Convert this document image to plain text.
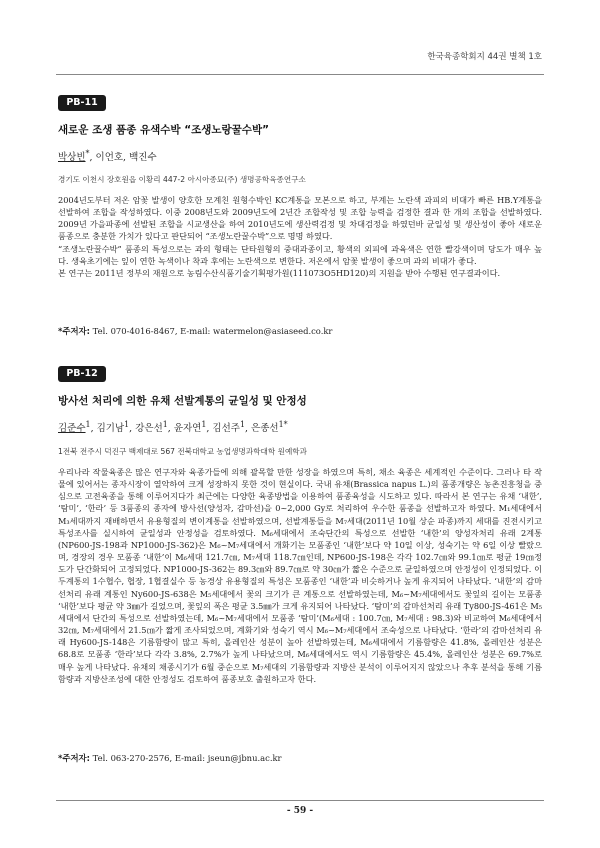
한국육종학회지 44권 별책 1호
PB-11
새로운 조생 품종 유색수박 “조생노랑꿀수박”
박상빈*, 이언호, 백진수
경기도 이천시 장호원읍 이황리 447-2 아시아종묘(주) 생명공학육종연구소

2004년도부터 저온 암꽃 발생이 양호한 모계친 원형수박인 KC계통을 모본으로 하고, 부계는 노란색 과피의 비대가 빠른 HB.Y계통을 선발하여 조합을 작성하였다. 이중 2008년도와 2009년도에 2년간 조합작성 및 조합 능력을 검정한 결과 한 개의 조합을 선발하였다. 2009년 가을파종에 선발된 조합을 시교생산을 하여 2010년도에 생산력검정 및 차대검정을 하였던바 균일성 및 생산성이 좋아 새로운 품종으로 충분한 가치가 있다고 판단되어 “조생노란꿀수박”으로 명명 하였다.

“조생노란꿀수박” 품종의 특성으로는 과의 형태는 단타원형의 중대과종이고, 황색의 외피에 과육색은 연한 빨강색이며 당도가 매우 높다. 생육초기에는 잎이 연한 녹색이나 착과 후에는 노란색으로 변한다. 저온에서 암꽃 발생이 좋으며 과의 비대가 좋다.

본 연구는 2011년 정부의 재원으로 농림수산식품기술기획평가원(111073O5HD120)의 지원을 받아 수행된 연구결과이다.

*주저자: Tel. 070-4016-8467, E-mail: watermelon@asiaseed.co.kr
PB-12
방사선 처리에 의한 유채 선발계통의 균일성 및 안정성
김준수$^1$, 김기남$^1$, 강은선$^1$, 윤자연$^1$, 김선주$^1$, 은종선$^{1*}$
1전북 전주시 덕진구 백제대로 567 전북대학교 농업생명과학대학 원예학과

우리나라 작물육종은 많은 연구자와 육종가들에 의해 괄목할 만한 성장을 하였으며 특히, 채소 육종은 세계적인 수준이다. 그러나 타 작물에 있어서는 종자시장이 열악하여 크게 성장하지 못한 것이 현실이다. 국내 유채(Brassica napus L.)의 품종개량은 농촌진흥청을 중심으로 고전육종을 통해 이루어지다가 최근에는 다양한 육종방법을 이용하여 품종육성을 시도하고 있다. 따라서 본 연구는 유채 ‘내한’, ‘탐미’, ‘한라’ 등 3품종의 종자에 방사선(양성자, 감마선)을 0~2,000 Gy로 처리하여 우수한 품종을 선발하고자 하였다. M₁세대에서 M₃세대까지 재배하면서 유용형질의 변이계통을 선발하였으며, 선발계통들을 M₇세대(2011년 10월 상순 파종)까지 세대를 진전시키고 특성조사를 실시하여 균일성과 안정성을 검토하였다. M₆세대에서 조숙단간의 특성으로 선발한 ‘내한’의 양성자처리 유래 2계통(NP600-JS-198과 NP1000-JS-362)은 M₆~M₇세대에서 개화기는 모품종인 ‘내한’보다 약 10일 이상, 성숙기는 약 6일 이상 빨랐으며, 경장의 경우 모품종 ‘내한’이 M₆세대 121.7㎝, M₇세대 118.7㎝인데, NP600-JS-198은 각각 102.7㎝와 99.1㎝로 평균 19㎝정도가 단간화되어 고정되었다. NP1000-JS-362는 89.3㎝와 89.7㎝로 약 30㎝가 짧은 수준으로 균일하였으며 안정성이 인정되었다. 이 두계통의 1수협수, 협장, 1협결실수 등 농경상 유용형질의 특성은 모품종인 ‘내한’과 비슷하거나 높게 유지되어 나타났다. ‘내한’의 감마선처리 유래 계통인 Ny600-JS-638은 M₅세대에서 꽃의 크기가 큰 계통으로 선발하였는데, M₆~M₇세대에서도 꽃잎의 길이는 모품종 ‘내한’보다 평균 약 3㎜가 길었으며, 꽃잎의 폭은 평균 3.5㎜가 크게 유지되어 나타났다. ‘탐미’의 감마선처리 유래 Ty800-JS-461은 M₅세대에서 단간의 특성으로 선발하였는데, M₆~M₇세대에서 모품종 ‘탐미’(M₆세대 : 100.7㎝, M₇세대 : 98.3)와 비교하여 M₆세대에서 32㎝, M₇세대에서 21.5㎝가 짧게 조사되었으며, 계화기와 성숙기 역시 M₆~M₇세대에서 조숙성으로 나타났다. ‘한라’의 감마선처리 유래 Hy600-JS-148은 기름함량이 많고 특히, 올레인산 성분이 높아 선발하였는데, M₆세대에서 기름함량은 41.8%, 올레인산 성분은 68.8로 모품종 ‘한라’보다 각각 3.8%, 2.7%가 높게 나타났으며, M₆세대에서도 역시 기름함량은 45.4%, 올레인산 성분은 69.7%로 매우 높게 나타났다. 유채의 채종시기가 6월 중순으로 M₇세대의 기름함량과 지방산 분석이 이루어지지 않았으나 추후 분석을 통해 기름함량과 지방산조성에 대한 안정성도 검토하여 품종보호 출원하고자 한다.

*주저자: Tel. 063-270-2576, E-mail: jseun@jbnu.ac.kr
- 59 -
